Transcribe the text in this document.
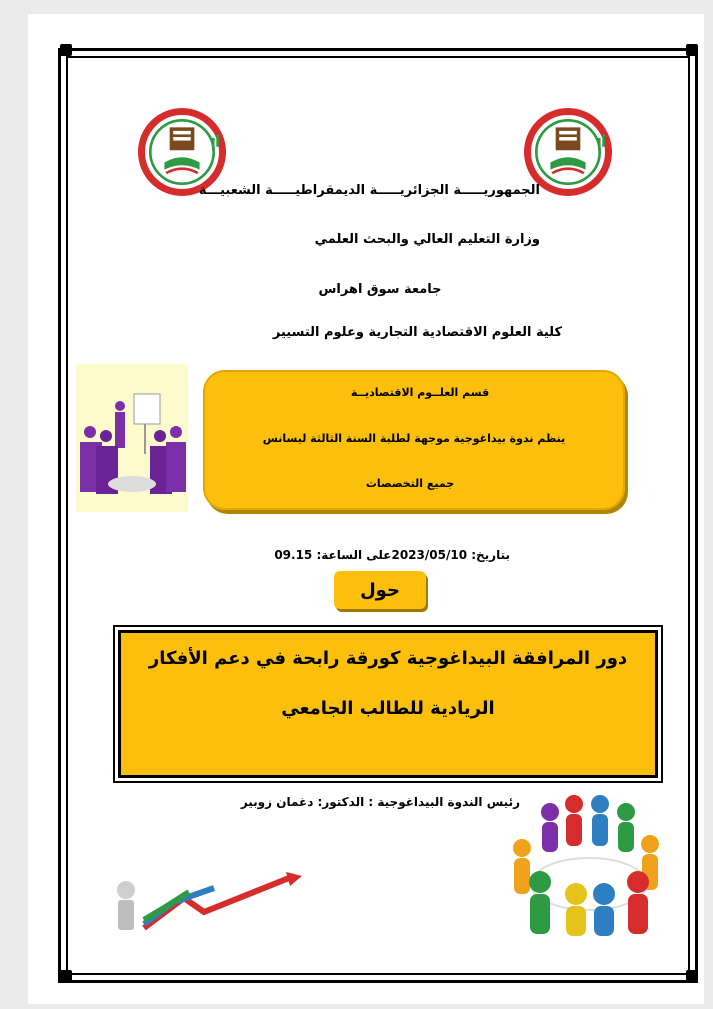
الجمهوريـــــة الجزائريـــــة الديمقراطيـــــة الشعبيـــة
وزارة التعليم العالي والبحث العلمي
جامعة سوق اهراس
كلية العلوم الاقتصادية التجارية وعلوم التسيير
قسم العلــوم الاقتصاديــة
ينظم ندوة بيداغوجية موجهة لطلبة السنة الثالثة ليسانس
جميع التخصصات
بتاريخ: 2023/05/10على الساعة: 09.15
حول
دور المرافقة البيداغوجية كورقة رابحة في دعم الأفكار
الريادية للطالب الجامعي
رئيس الندوة البيداغوجية : الدكتور: دغمان زوبير
